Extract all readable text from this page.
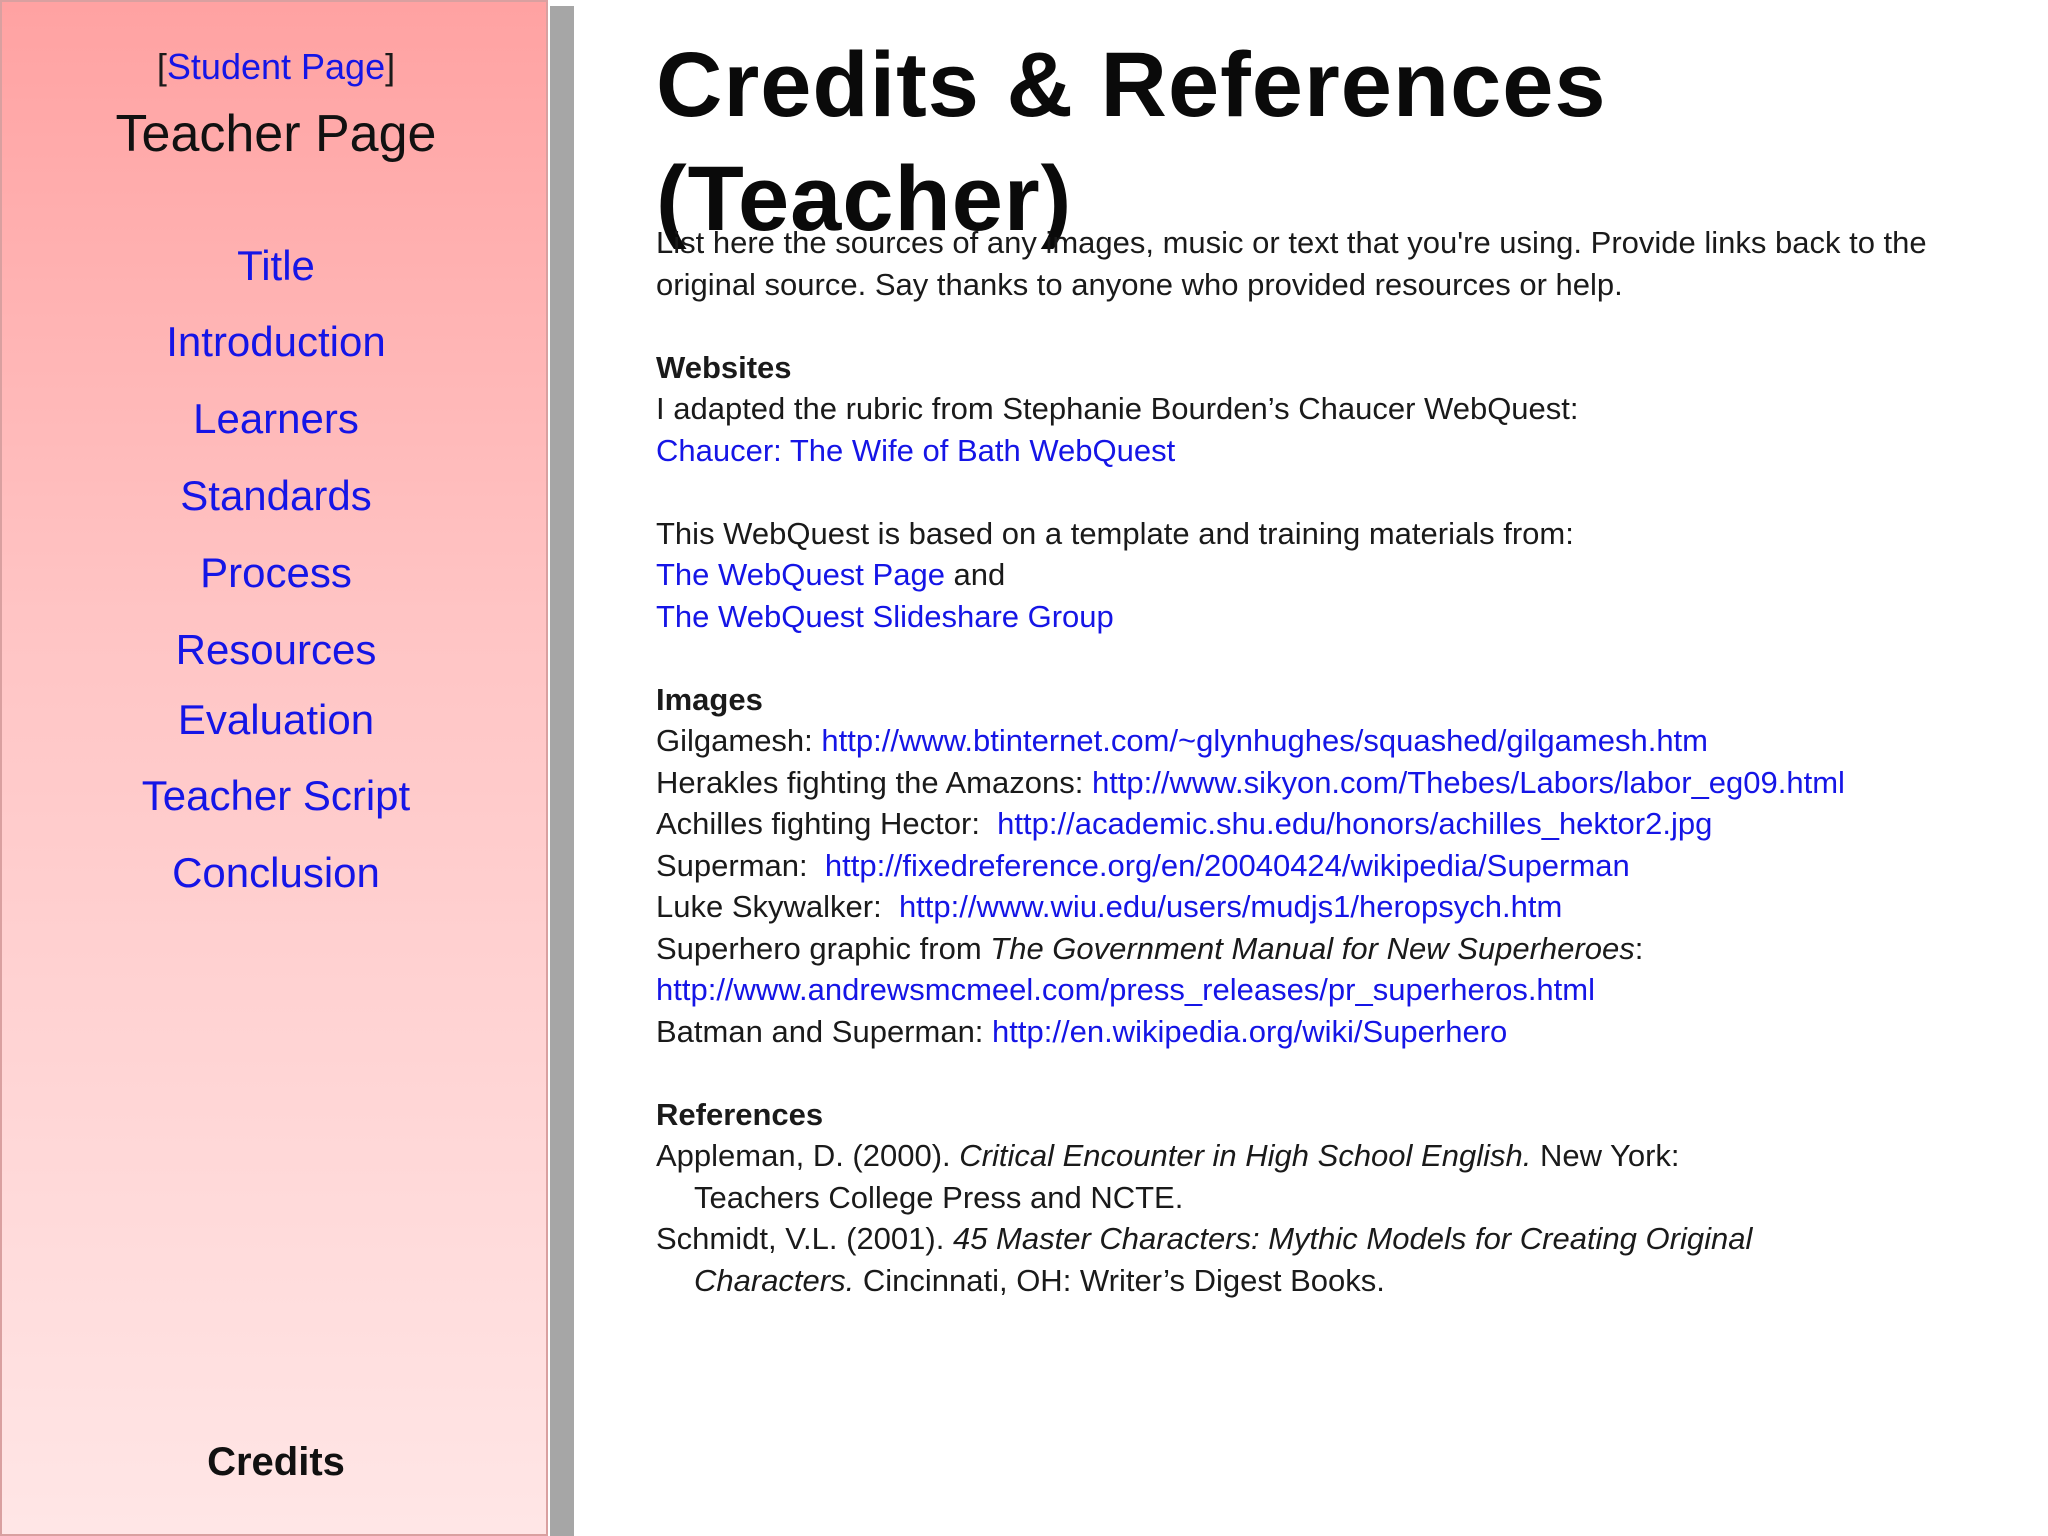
[Student Page]
Teacher Page
Title
Introduction
Learners
Standards
Process
Resources
Evaluation
Teacher Script
Conclusion
Credits
Credits & References (Teacher)

List here the sources of any images, music or text that you're using. Provide links back to the original source. Say thanks to anyone who provided resources or help.

Websites

I adapted the rubric from Stephanie Bourden’s Chaucer WebQuest:

Chaucer: The Wife of Bath WebQuest

This WebQuest is based on a template and training materials from:

The WebQuest Page and

The WebQuest Slideshare Group

Images

Gilgamesh: http://www.btinternet.com/~glynhughes/squashed/gilgamesh.htm

Herakles fighting the Amazons: http://www.sikyon.com/Thebes/Labors/labor_eg09.html

Achilles fighting Hector:  http://academic.shu.edu/honors/achilles_hektor2.jpg

Superman:  http://fixedreference.org/en/20040424/wikipedia/Superman

Luke Skywalker:  http://www.wiu.edu/users/mudjs1/heropsych.htm

Superhero graphic from The Government Manual for New Superheroes:

http://www.andrewsmcmeel.com/press_releases/pr_superheros.html

Batman and Superman: http://en.wikipedia.org/wiki/Superhero

References

Appleman, D. (2000). Critical Encounter in High School English. New York:

Teachers College Press and NCTE.

Schmidt, V.L. (2001). 45 Master Characters: Mythic Models for Creating Original

Characters. Cincinnati, OH: Writer’s Digest Books.
